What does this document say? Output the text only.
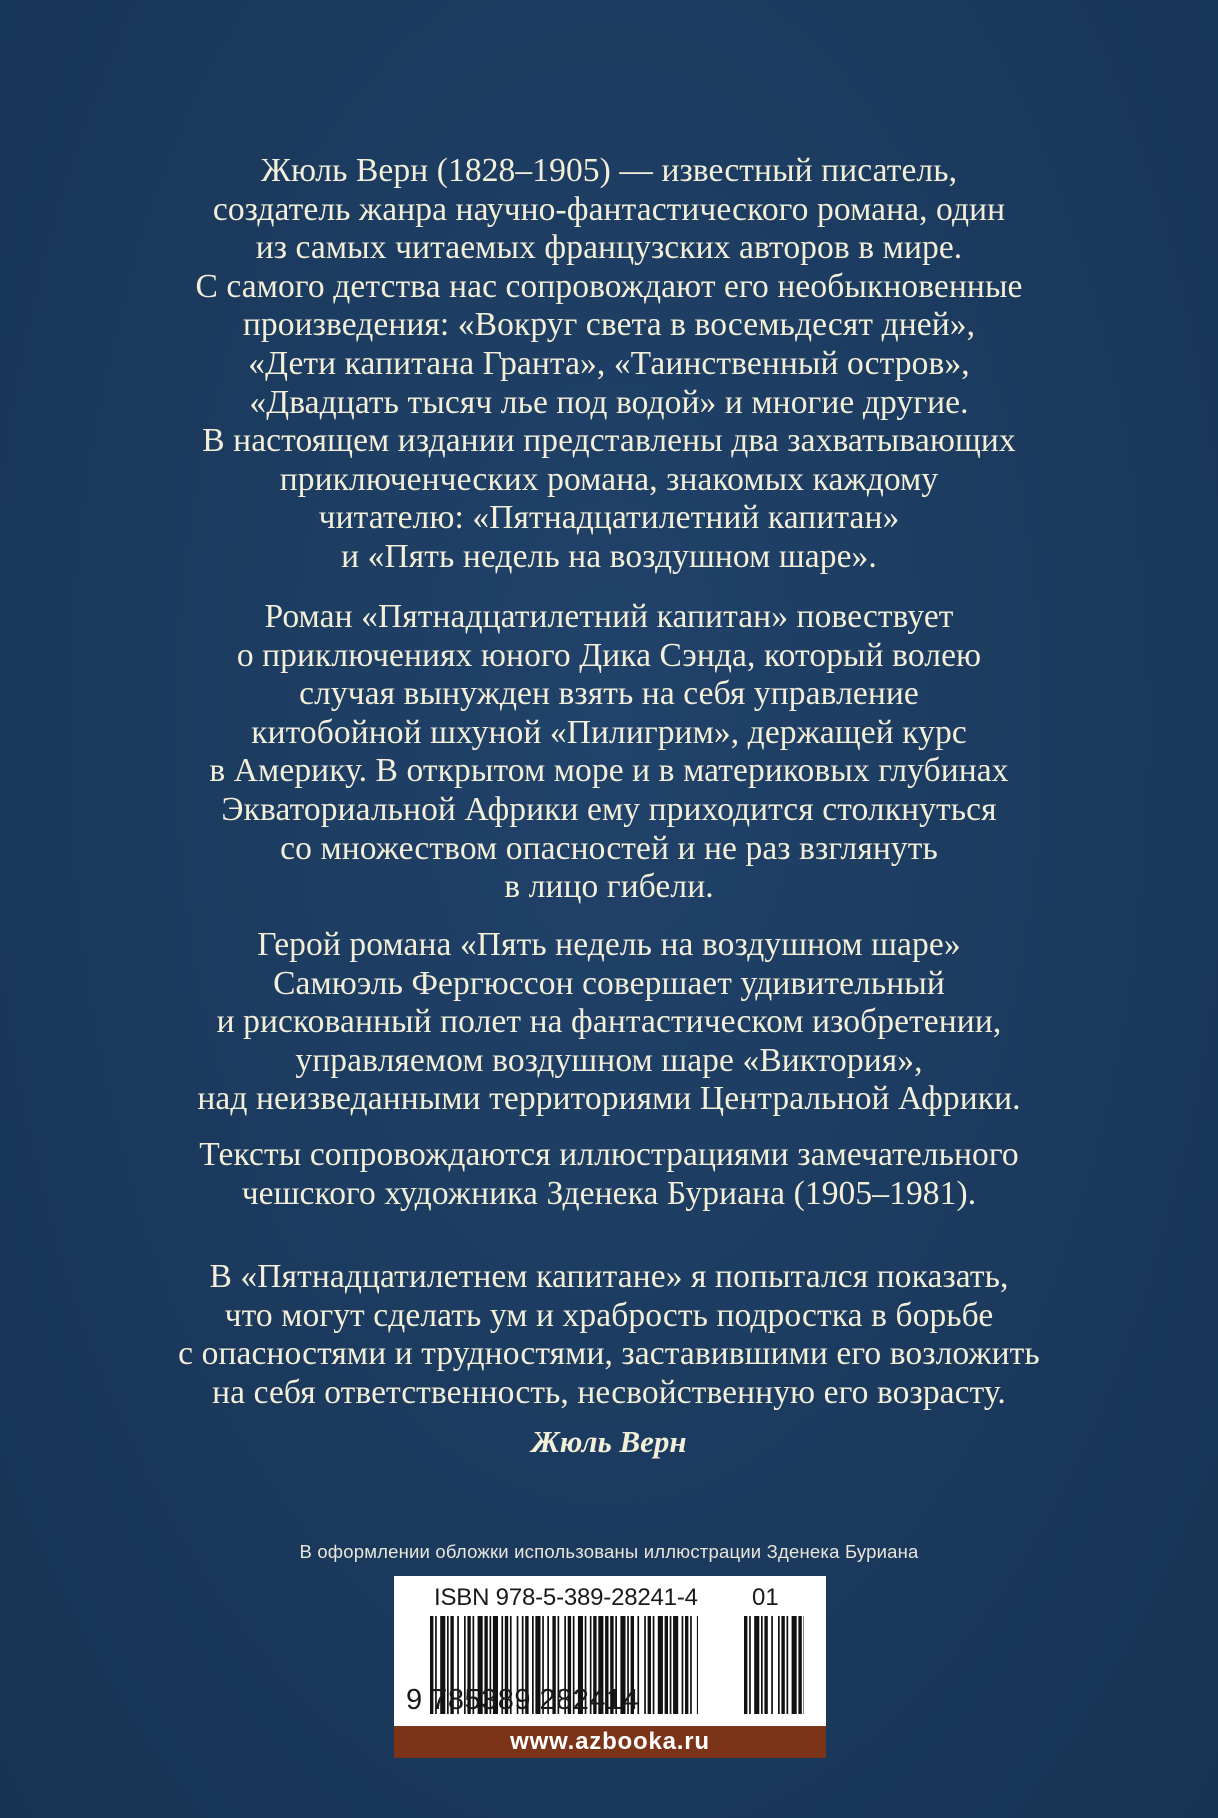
Жюль Верн (1828–1905) — известный писатель,
создатель жанра научно-фантастического романа, один
из самых читаемых французских авторов в мире.
С самого детства нас сопровождают его необыкновенные
произведения: «Вокруг света в восемьдесят дней»,
«Дети капитана Гранта», «Таинственный остров»,
«Двадцать тысяч лье под водой» и многие другие.
В настоящем издании представлены два захватывающих
приключенческих романа, знакомых каждому
читателю: «Пятнадцатилетний капитан»
и «Пять недель на воздушном шаре».
Роман «Пятнадцатилетний капитан» повествует
о приключениях юного Дика Сэнда, который волею
случая вынужден взять на себя управление
китобойной шхуной «Пилигрим», держащей курс
в Америку. В открытом море и в материковых глубинах
Экваториальной Африки ему приходится столкнуться
со множеством опасностей и не раз взглянуть
в лицо гибели.
Герой романа «Пять недель на воздушном шаре»
Самюэль Фергюссон совершает удивительный
и рискованный полет на фантастическом изобретении,
управляемом воздушном шаре «Виктория»,
над неизведанными территориями Центральной Африки.
Тексты сопровождаются иллюстрациями замечательного
чешского художника Зденека Буриана (1905–1981).
В «Пятнадцатилетнем капитане» я попытался показать,
что могут сделать ум и храбрость подростка в борьбе
с опасностями и трудностями, заставившими его возложить
на себя ответственность, несвойственную его возрасту.
Жюль Верн
В оформлении обложки использованы иллюстрации Зденека Буриана
ISBN 978-5-389-28241-4 01
9 785389 282414
www.azbooka.ru
